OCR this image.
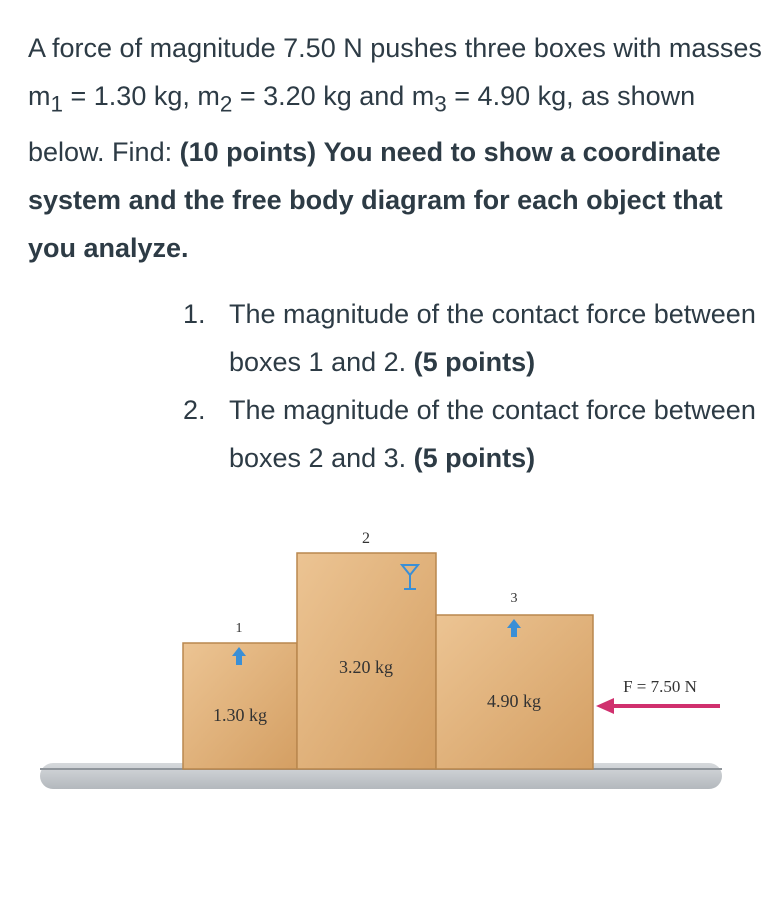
A force of magnitude 7.50 N pushes three boxes with masses $m_1 = 1.30$ kg, $m_2 = 3.20$ kg and $m_3 = 4.90$ kg, as shown below. Find: (10 points) You need to show a coordinate system and the free body diagram for each object that you analyze.
1. The magnitude of the contact force between boxes 1 and 2. (5 points)
2. The magnitude of the contact force between boxes 2 and 3. (5 points)
1
2
3
1.30 kg
3.20 kg
4.90 kg
F = 7.50 N
